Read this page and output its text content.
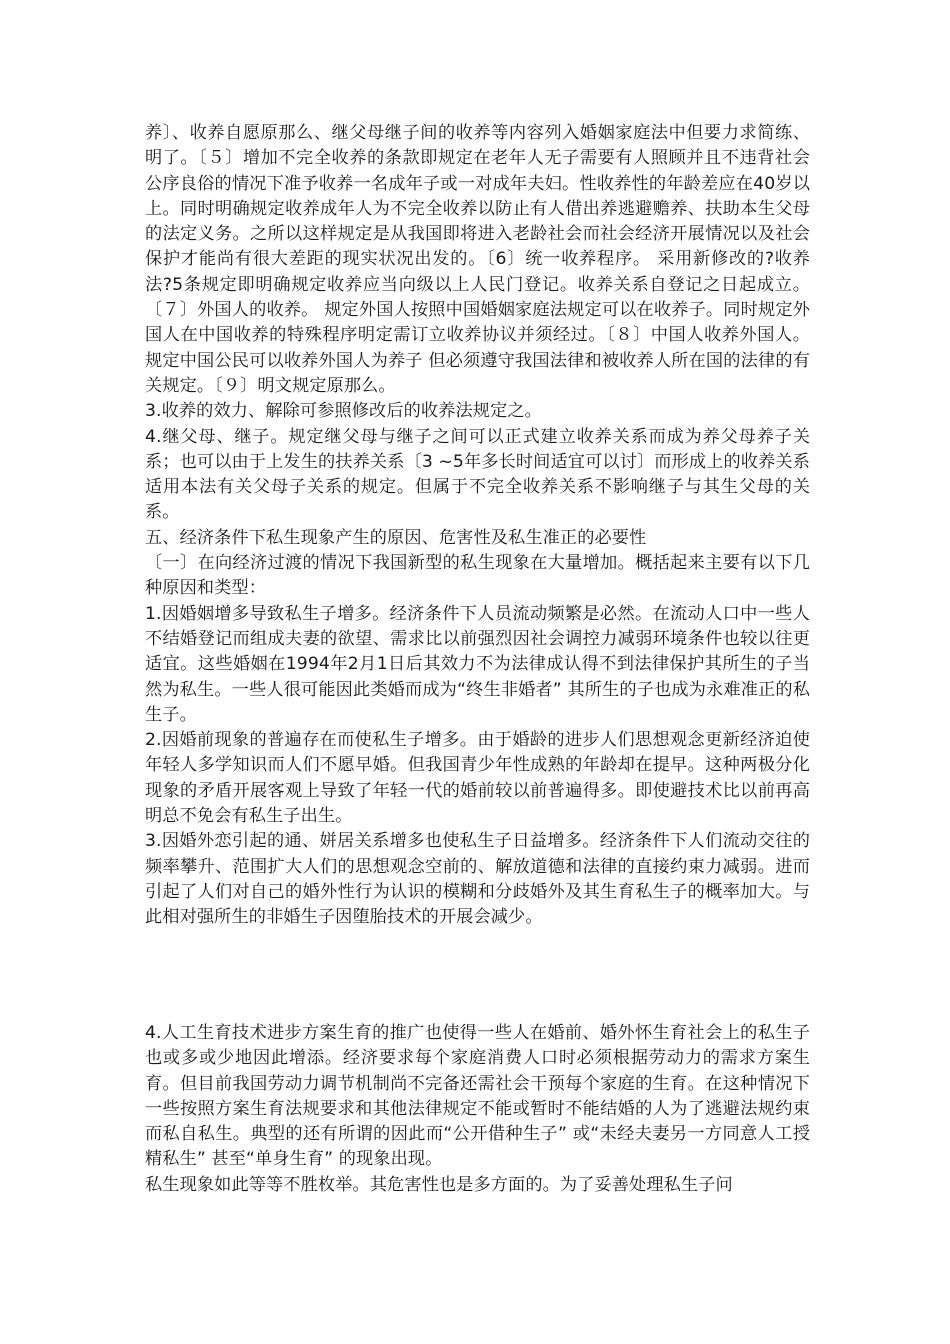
养〕、收养自愿原那么、继父母继子间的收养等内容列入婚姻家庭法中但要力求简练、明了。〔５〕增加不完全收养的条款即规定在老年人无子需要有人照顾并且不违背社会公序良俗的情况下准予收养一名成年子或一对成年夫妇。性收养性的年龄差应在40岁以上。同时明确规定收养成年人为不完全收养以防止有人借出养逃避赡养、扶助本生父母的法定义务。之所以这样规定是从我国即将进入老龄社会而社会经济开展情况以及社会保护才能尚有很大差距的现实状况出发的。〔6〕统一收养程序。 采用新修改的?收养法?5条规定即明确规定收养应当向级以上人民门登记。收养关系自登记之日起成立。〔７〕外国人的收养。 规定外国人按照中国婚姻家庭法规定可以在收养子。同时规定外国人在中国收养的特殊程序明定需订立收养协议并须经过。〔８〕中国人收养外国人。规定中国公民可以收养外国人为养子 但必须遵守我国法律和被收养人所在国的法律的有关规定。〔９〕明文规定原那么。

3.收养的效力、解除可参照修改后的收养法规定之。

4.继父母、继子。规定继父母与继子之间可以正式建立收养关系而成为养父母养子关系；也可以由于上发生的扶养关系〔3 ~5年多长时间适宜可以讨〕而形成上的收养关系 适用本法有关父母子关系的规定。但属于不完全收养关系不影响继子与其生父母的关系。

五、经济条件下私生现象产生的原因、危害性及私生准正的必要性

〔一〕在向经济过渡的情况下我国新型的私生现象在大量增加。概括起来主要有以下几种原因和类型：

1.因婚姻增多导致私生子增多。经济条件下人员流动频繁是必然。在流动人口中一些人不结婚登记而组成夫妻的欲望、需求比以前强烈因社会调控力减弱环境条件也较以往更适宜。这些婚姻在1994年2月1日后其效力不为法律成认得不到法律保护其所生的子当然为私生。一些人很可能因此类婚而成为“终生非婚者” 其所生的子也成为永难准正的私生子。

2.因婚前现象的普遍存在而使私生子增多。由于婚龄的进步人们思想观念更新经济迫使年轻人多学知识而人们不愿早婚。但我国青少年性成熟的年龄却在提早。这种两极分化现象的矛盾开展客观上导致了年轻一代的婚前较以前普遍得多。即使避技术比以前再高明总不免会有私生子出生。

3.因婚外恋引起的通、姘居关系增多也使私生子日益增多。经济条件下人们流动交往的频率攀升、范围扩大人们的思想观念空前的、解放道德和法律的直接约束力减弱。进而引起了人们对自己的婚外性行为认识的模糊和分歧婚外及其生育私生子的概率加大。与此相对强所生的非婚生子因堕胎技术的开展会减少。

4.人工生育技术进步方案生育的推广也使得一些人在婚前、婚外怀生育社会上的私生子也或多或少地因此增添。经济要求每个家庭消费人口时必须根据劳动力的需求方案生育。但目前我国劳动力调节机制尚不完备还需社会干预每个家庭的生育。在这种情况下一些按照方案生育法规要求和其他法律规定不能或暂时不能结婚的人为了逃避法规约束而私自私生。典型的还有所谓的因此而“公开借种生子” 或“未经夫妻另一方同意人工授精私生” 甚至“单身生育” 的现象出现。

私生现象如此等等不胜枚举。其危害性也是多方面的。为了妥善处理私生子问
